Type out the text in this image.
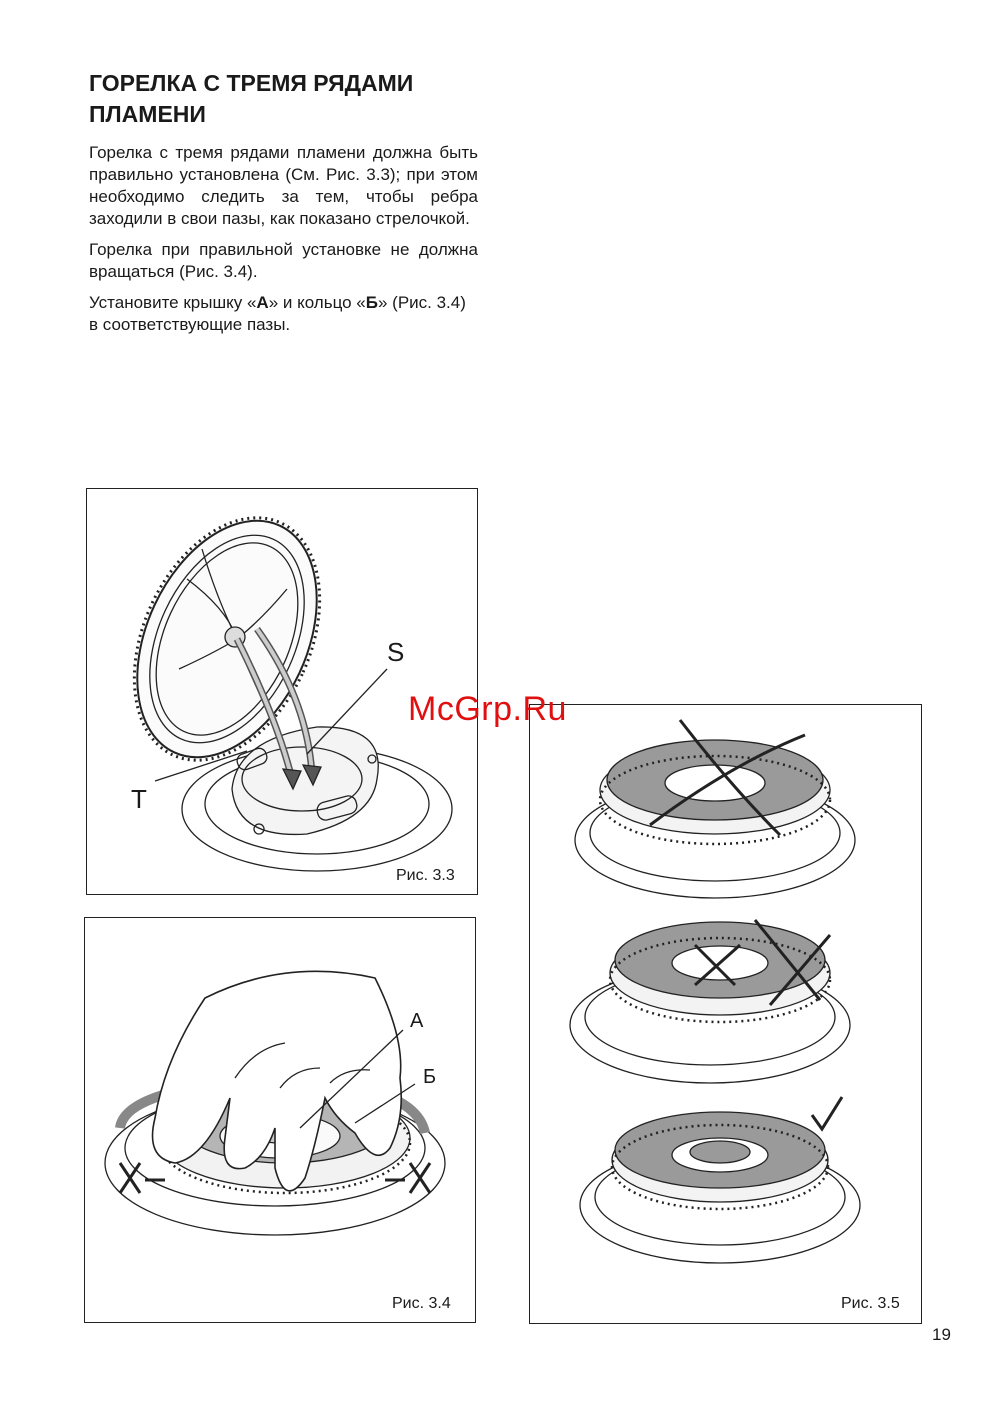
ГОРЕЛКА С ТРЕМЯ РЯДАМИ
ПЛАМЕНИ

Горелка с тремя рядами пламени должна быть правильно установлена (См. Рис. 3.3); при этом необходимо следить за тем, чтобы ребра заходили в свои пазы, как показано стрелочкой.

Горелка при правильной установке не должна вращаться (Рис. 3.4).

Установите крышку «А» и кольцо «Б» (Рис. 3.4) в соответствующие пазы.

S
T
Рис. 3.3
А
Б
Рис. 3.4	Рис. 3.5
McGrp.Ru
19
